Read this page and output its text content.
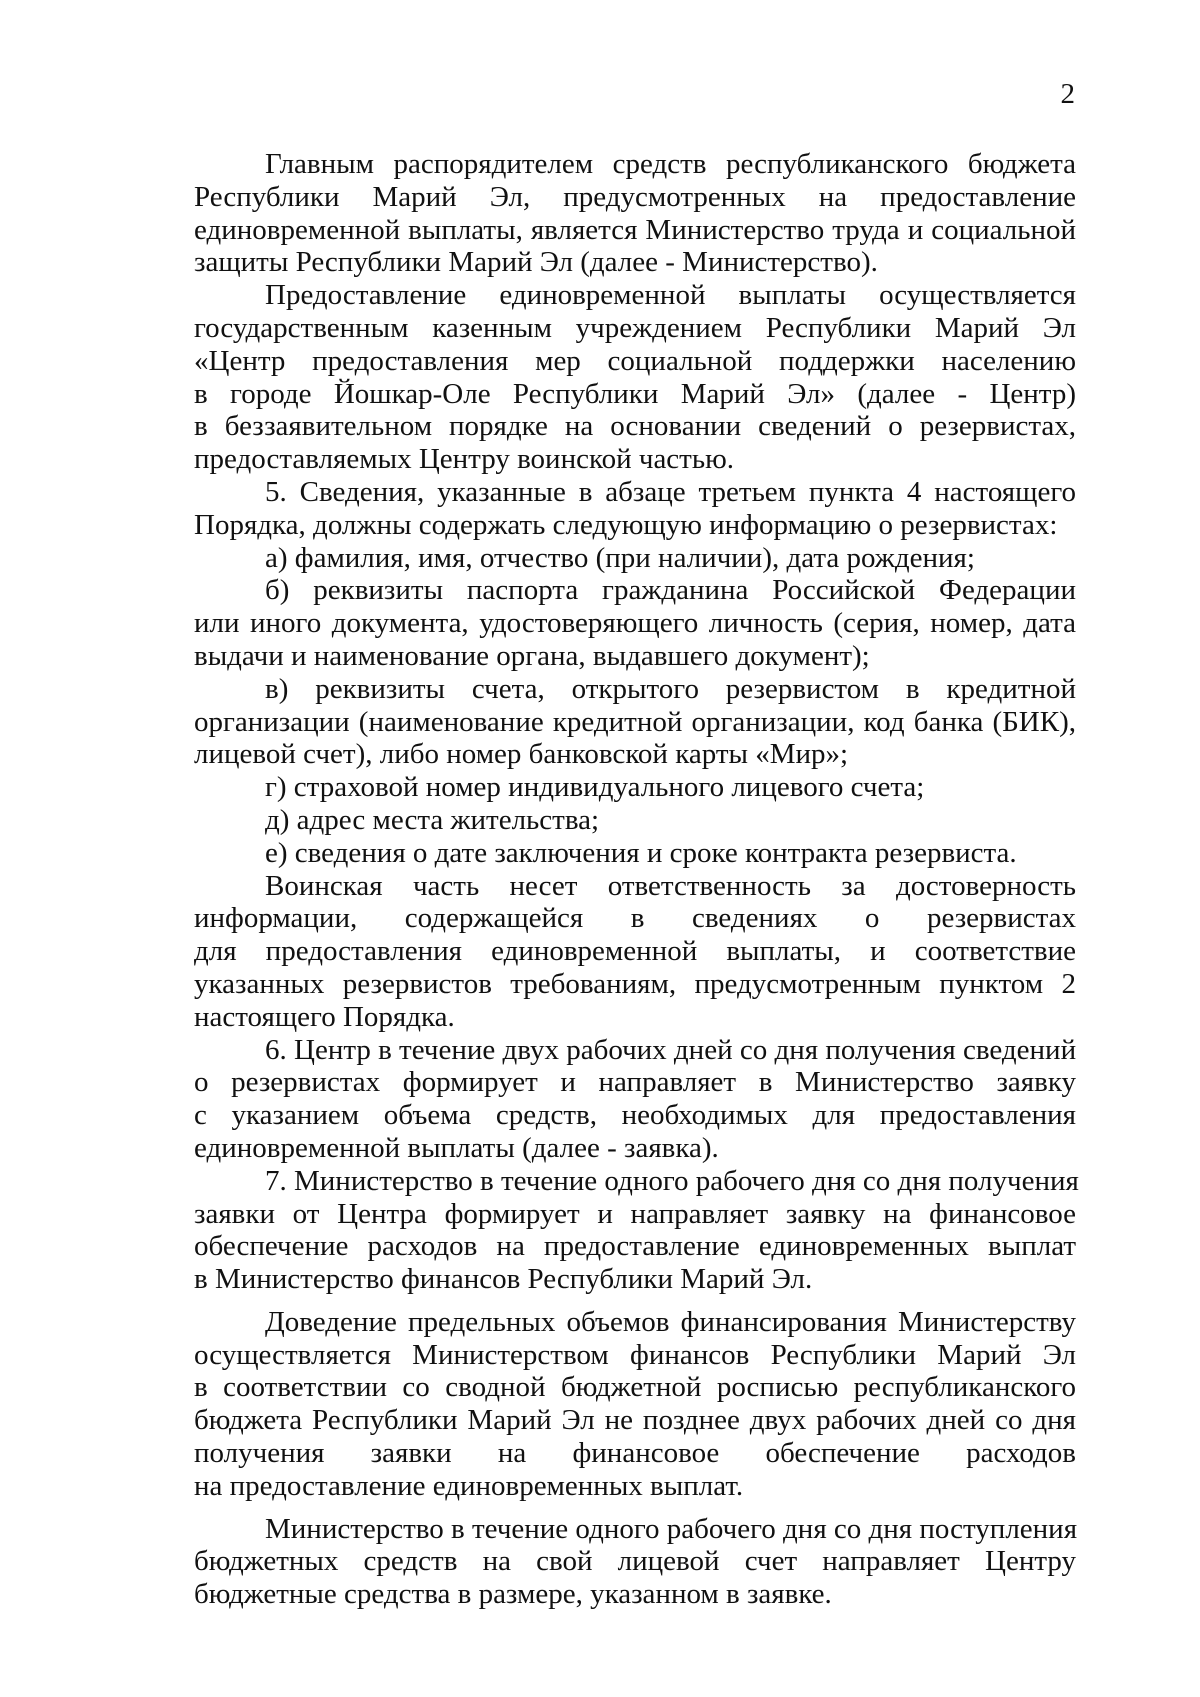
2
Главным распорядителем средств республиканского бюджета
Республики Марий Эл, предусмотренных на предоставление
единовременной выплаты, является Министерство труда и социальной
защиты Республики Марий Эл (далее - Министерство).
Предоставление единовременной выплаты осуществляется
государственным казенным учреждением Республики Марий Эл
«Центр предоставления мер социальной поддержки населению
в городе Йошкар-Оле Республики Марий Эл» (далее - Центр)
в беззаявительном порядке на основании сведений о резервистах,
предоставляемых Центру воинской частью.
5. Сведения, указанные в абзаце третьем пункта 4 настоящего
Порядка, должны содержать следующую информацию о резервистах:
а) фамилия, имя, отчество (при наличии), дата рождения;
б) реквизиты паспорта гражданина Российской Федерации
или иного документа, удостоверяющего личность (серия, номер, дата
выдачи и наименование органа, выдавшего документ);
в) реквизиты счета, открытого резервистом в кредитной
организации (наименование кредитной организации, код банка (БИК),
лицевой счет), либо номер банковской карты «Мир»;
г) страховой номер индивидуального лицевого счета;
д) адрес места жительства;
е) сведения о дате заключения и сроке контракта резервиста.
Воинская часть несет ответственность за достоверность
информации, содержащейся в сведениях о резервистах
для предоставления единовременной выплаты, и соответствие
указанных резервистов требованиям, предусмотренным пунктом 2
настоящего Порядка.
6. Центр в течение двух рабочих дней со дня получения сведений
о резервистах формирует и направляет в Министерство заявку
с указанием объема средств, необходимых для предоставления
единовременной выплаты (далее - заявка).
7. Министерство в течение одного рабочего дня со дня получения
заявки от Центра формирует и направляет заявку на финансовое
обеспечение расходов на предоставление единовременных выплат
в Министерство финансов Республики Марий Эл.
Доведение предельных объемов финансирования Министерству
осуществляется Министерством финансов Республики Марий Эл
в соответствии со сводной бюджетной росписью республиканского
бюджета Республики Марий Эл не позднее двух рабочих дней со дня
получения заявки на финансовое обеспечение расходов
на предоставление единовременных выплат.
Министерство в течение одного рабочего дня со дня поступления
бюджетных средств на свой лицевой счет направляет Центру
бюджетные средства в размере, указанном в заявке.
